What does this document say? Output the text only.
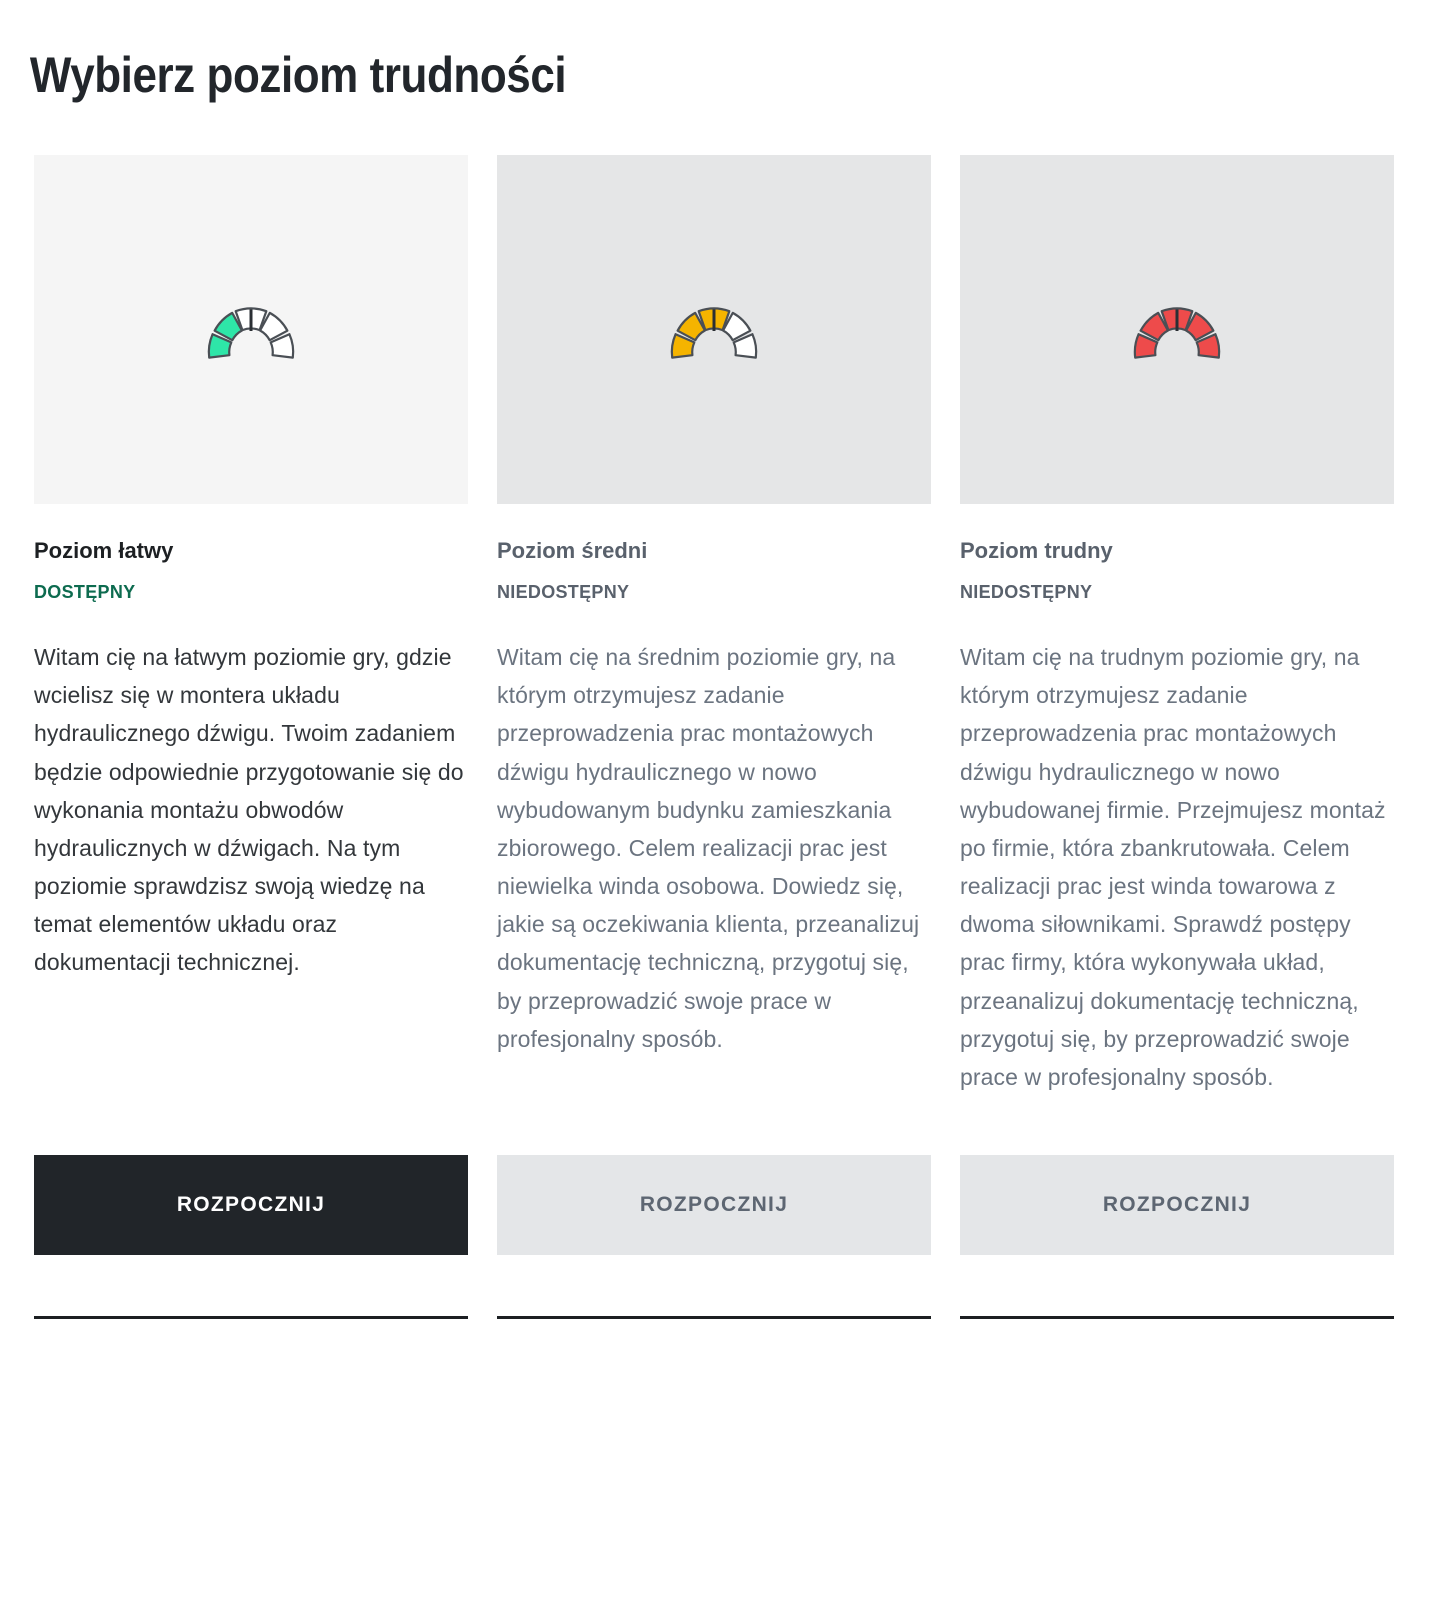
Wybierz poziom trudności
Poziom łatwy
DOSTĘPNY

Witam cię na łatwym poziomie gry, gdzie wcielisz się w montera układu hydraulicznego dźwigu. Twoim zadaniem będzie odpowiednie przygotowanie się do wykonania montażu obwodów hydraulicznych w dźwigach. Na tym poziomie sprawdzisz swoją wiedzę na temat elementów układu oraz dokumentacji technicznej.

Poziom średni
NIEDOSTĘPNY

Witam cię na średnim poziomie gry, na którym otrzymujesz zadanie przeprowadzenia prac montażowych dźwigu hydraulicznego w nowo wybudowanym budynku zamieszkania zbiorowego. Celem realizacji prac jest niewielka winda osobowa. Dowiedz się, jakie są oczekiwania klienta, przeanalizuj dokumentację techniczną, przygotuj się, by przeprowadzić swoje prace w profesjonalny sposób.

Poziom trudny
NIEDOSTĘPNY

Witam cię na trudnym poziomie gry, na którym otrzymujesz zadanie przeprowadzenia prac montażowych dźwigu hydraulicznego w nowo wybudowanej firmie. Przejmujesz montaż po firmie, która zbankrutowała. Celem realizacji prac jest winda towarowa z dwoma siłownikami. Sprawdź postępy prac firmy, która wykonywała układ, przeanalizuj dokumentację techniczną, przygotuj się, by przeprowadzić swoje prace w profesjonalny sposób.

ROZPOCZNIJ	ROZPOCZNIJ	ROZPOCZNIJ
